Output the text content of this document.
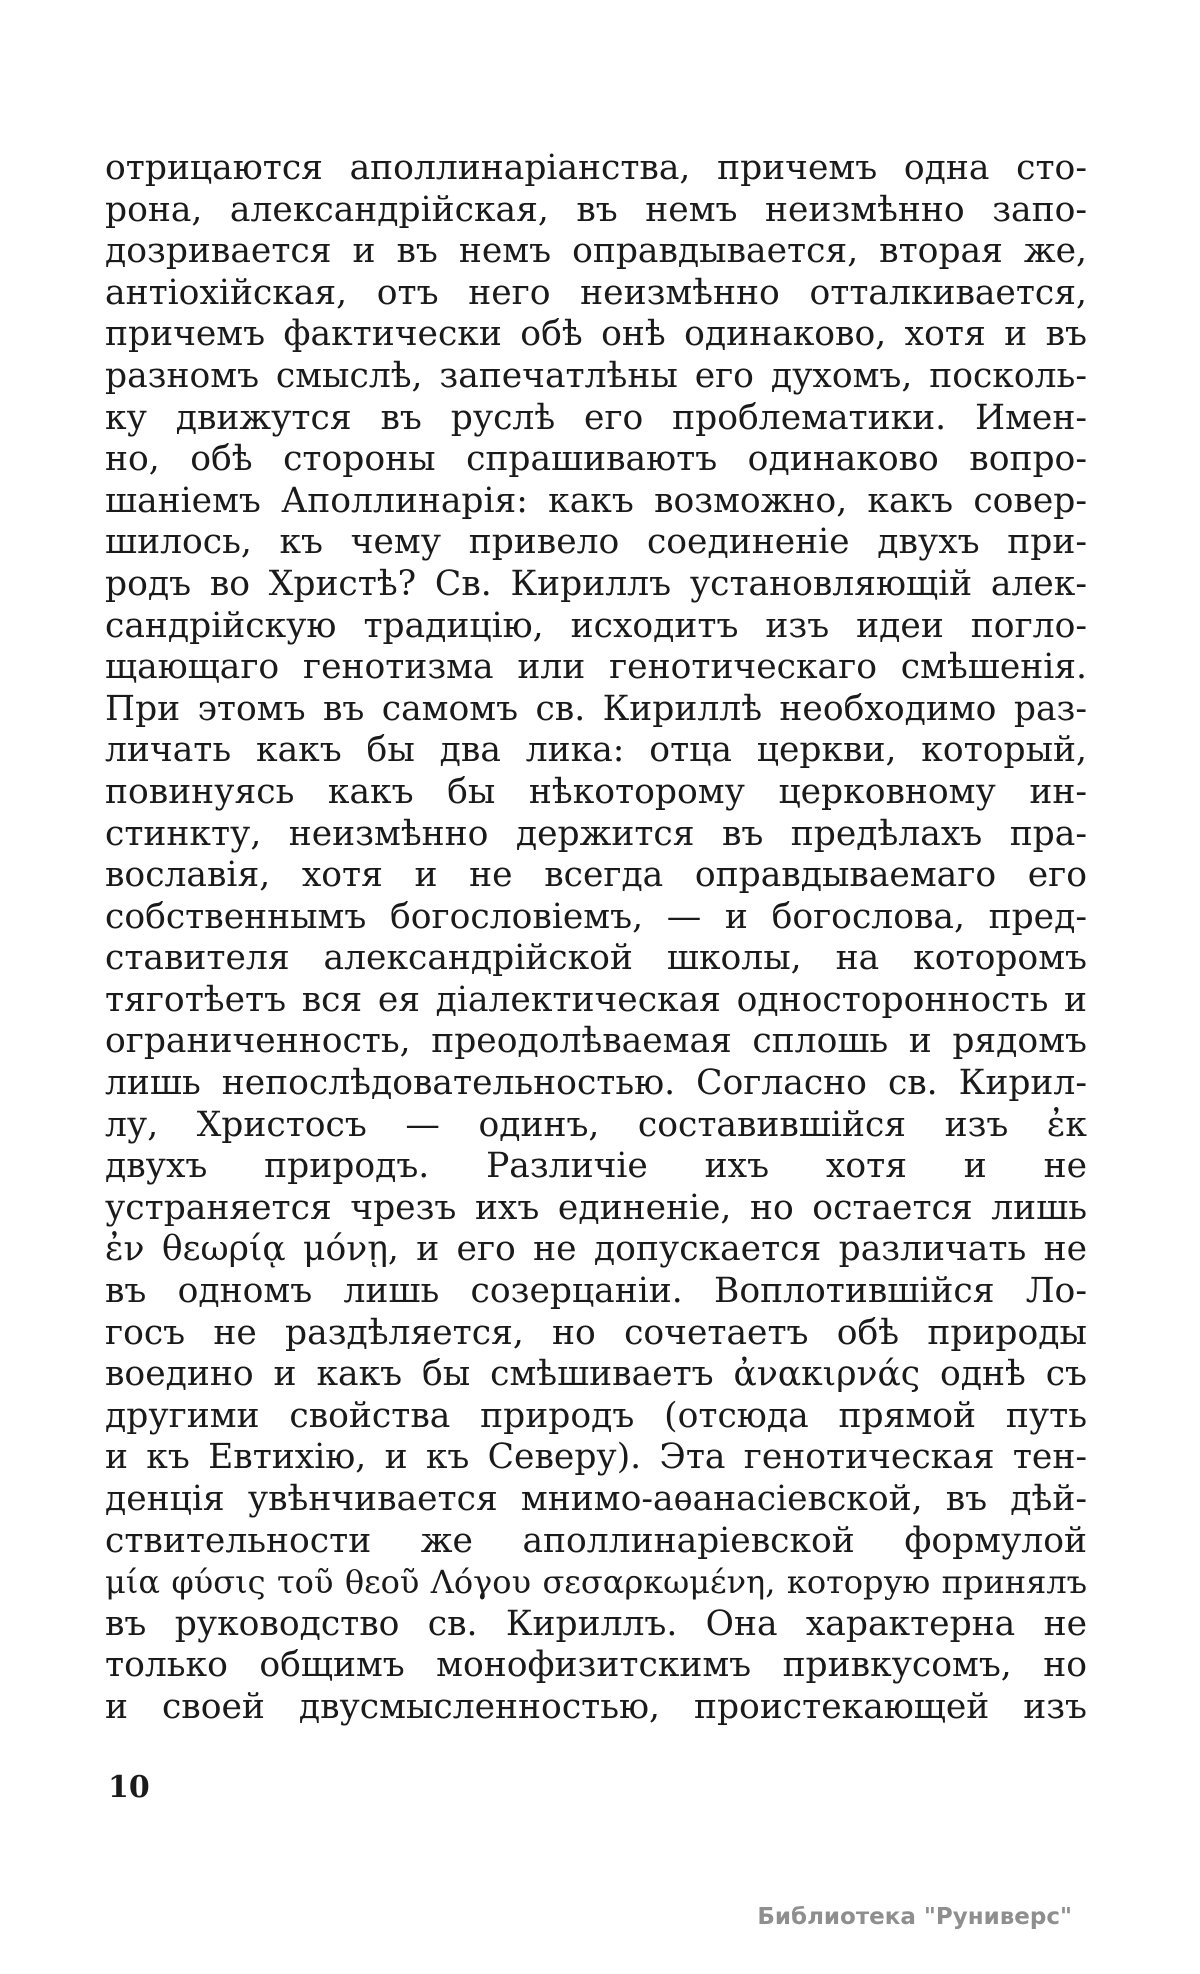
отрицаются аполлинаріанства, причемъ одна сто-
рона, александрійская, въ немъ неизмѣнно запо-
дозривается и въ немъ оправдывается, вторая же,
антіохійская, отъ него неизмѣнно отталкивается,
причемъ фактически обѣ онѣ одинаково, хотя и въ
разномъ смыслѣ, запечатлѣны его духомъ, посколь-
ку движутся въ руслѣ его проблематики. Имен-
но, обѣ стороны спрашиваютъ одинаково вопро-
шаніемъ Аполлинарія: какъ возможно, какъ совер-
шилось, къ чему привело соединеніе двухъ при-
родъ во Христѣ? Св. Кириллъ установляющій алек-
сандрійскую традицію, исходитъ изъ идеи погло-
щающаго генотизма или генотическаго смѣшенія.
При этомъ въ самомъ св. Кириллѣ необходимо раз-
личать какъ бы два лика: отца церкви, который,
повинуясь какъ бы нѣкоторому церковному ин-
стинкту, неизмѣнно держится въ предѣлахъ пра-
вославія, хотя и не всегда оправдываемаго его
собственнымъ богословіемъ, — и богослова, пред-
ставителя александрійской школы, на которомъ
тяготѣетъ вся ея діалектическая односторонность и
ограниченность, преодолѣваемая сплошь и рядомъ
лишь непослѣдовательностью. Согласно св. Кирил-
лу, Христосъ — одинъ, составившійся изъ ἐκ
двухъ природъ. Различіе ихъ хотя и не
устраняется чрезъ ихъ единеніе, но остается лишь
ἐν θεωρίᾳ μόνῃ, и его не допускается различать не
въ одномъ лишь созерцаніи. Воплотившійся Ло-
госъ не раздѣляется, но сочетаетъ обѣ природы
воедино и какъ бы смѣшиваетъ ἀνακιρνάς однѣ съ
другими свойства природъ (отсюда прямой путь
и къ Евтихію, и къ Северу). Эта генотическая тен-
денція увѣнчивается мнимо-аѳанасіевской, въ дѣй-
ствительности же аполлинаріевской формулой
μία φύσις τοῦ θεοῦ Λόγου σεσαρκωμένη, которую принялъ
въ руководство св. Кириллъ. Она характерна не
только общимъ монофизитскимъ привкусомъ, но
и своей двусмысленностью, проистекающей изъ
10
Библиотека "Руниверс"
